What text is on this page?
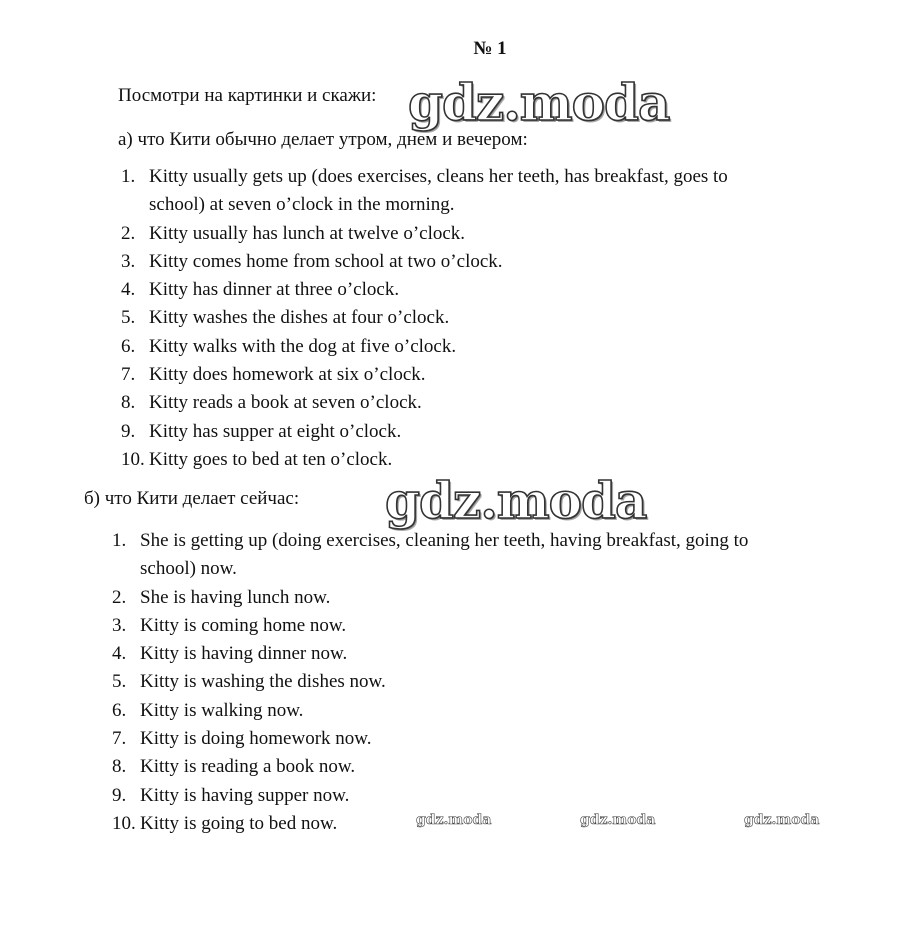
№ 1
Посмотри на картинки и скажи: gdz.moda
а) что Кити обычно делает утром, днем и вечером:
1. Kitty usually gets up (does exercises, cleans her teeth, has breakfast, goes to
school) at seven o’clock in the morning.
2. Kitty usually has lunch at twelve o’clock.
3. Kitty comes home from school at two o’clock.
4. Kitty has dinner at three o’clock.
5. Kitty washes the dishes at four o’clock.
6. Kitty walks with the dog at five o’clock.
7. Kitty does homework at six o’clock.
8. Kitty reads a book at seven o’clock.
9. Kitty has supper at eight o’clock.
10. Kitty goes to bed at ten o’clock.
б) что Кити делает сейчас: gdz.moda
1. She is getting up (doing exercises, cleaning her teeth, having breakfast, going to
school) now.
2. She is having lunch now.
3. Kitty is coming home now.
4. Kitty is having dinner now.
5. Kitty is washing the dishes now.
6. Kitty is walking now.
7. Kitty is doing homework now.
8. Kitty is reading a book now.
9. Kitty is having supper now.
10. Kitty is going to bed now.	gdz.moda	gdz.moda	gdz.moda
